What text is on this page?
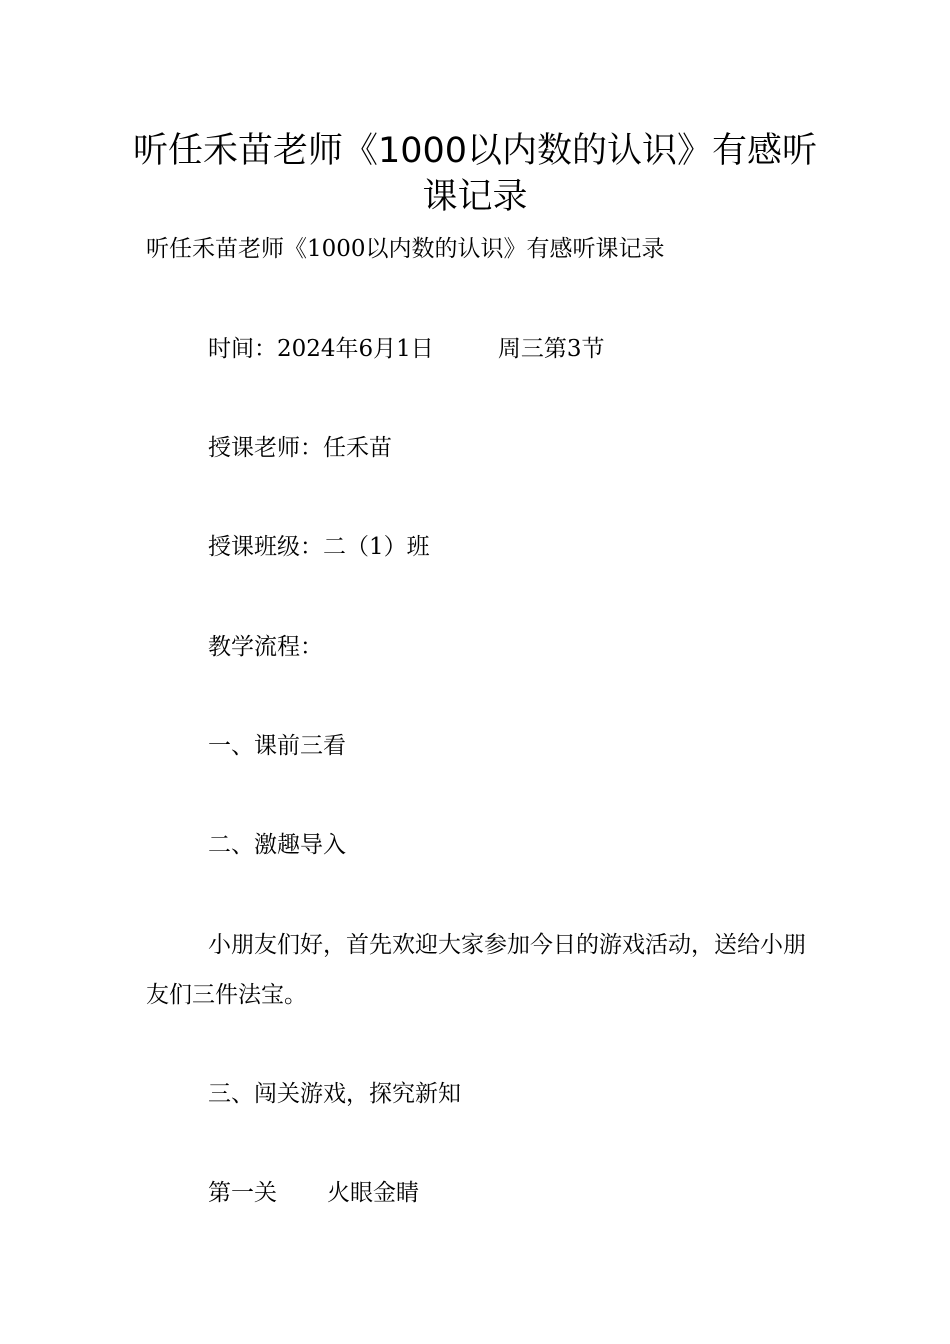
听任禾苗老师《1000以内数的认识》有感听课记录
听任禾苗老师《1000以内数的认识》有感听课记录
时间：2024年6月1日	周三第3节
授课老师：任禾苗
授课班级：二（1）班
教学流程：
一、课前三看
二、激趣导入
小朋友们好，首先欢迎大家参加今日的游戏活动，送给小朋友们三件法宝。
三、闯关游戏，探究新知
第一关 火眼金睛
